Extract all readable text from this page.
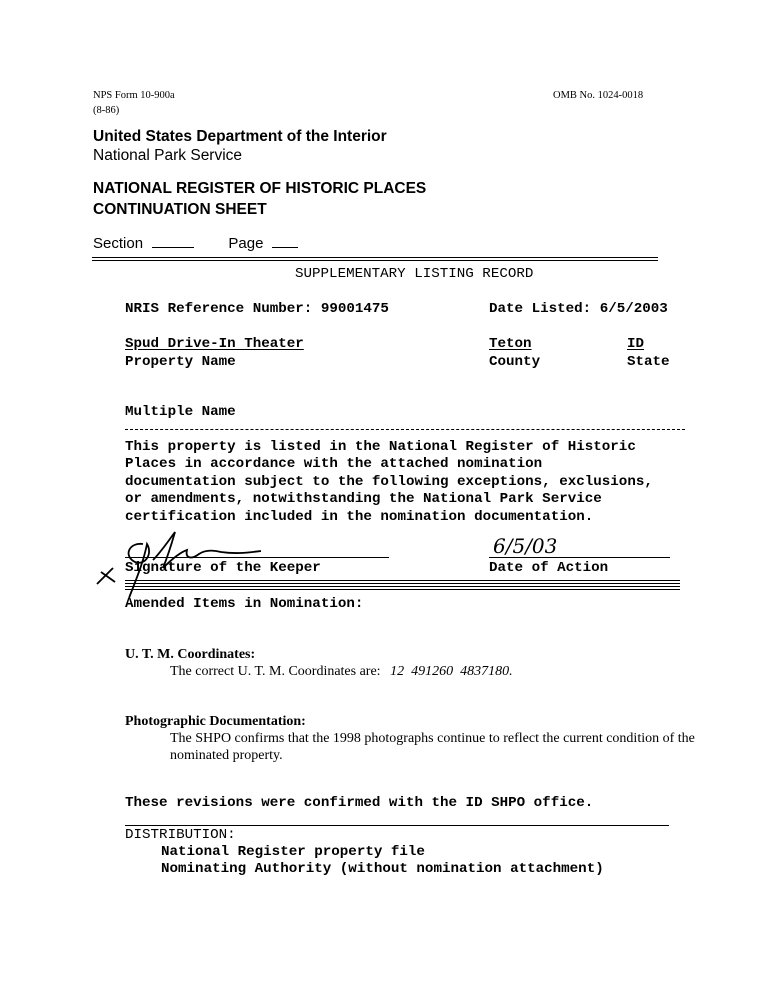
NPS Form 10-900a
(8-86)
OMB No. 1024-0018
United States Department of the Interior
National Park Service
NATIONAL REGISTER OF HISTORIC PLACES
CONTINUATION SHEET
Section	Page
SUPPLEMENTARY LISTING RECORD
NRIS Reference Number: 99001475	Date Listed: 6/5/2003
Spud Drive-In Theater
Property Name
Teton
County
ID
State
Multiple Name
This property is listed in the National Register of Historic
Places in accordance with the attached nomination
documentation subject to the following exceptions, exclusions,
or amendments, notwithstanding the National Park Service
certification included in the nomination documentation.
Signature of the Keeper
6/5/03
Date of Action
Amended Items in Nomination:
U. T. M. Coordinates:
The correct U. T. M. Coordinates are: 12  491260  4837180.
Photographic Documentation:
The SHPO confirms that the 1998 photographs continue to reflect the current condition of the
nominated property.
These revisions were confirmed with the ID SHPO office.
DISTRIBUTION:
National Register property file
Nominating Authority (without nomination attachment)
